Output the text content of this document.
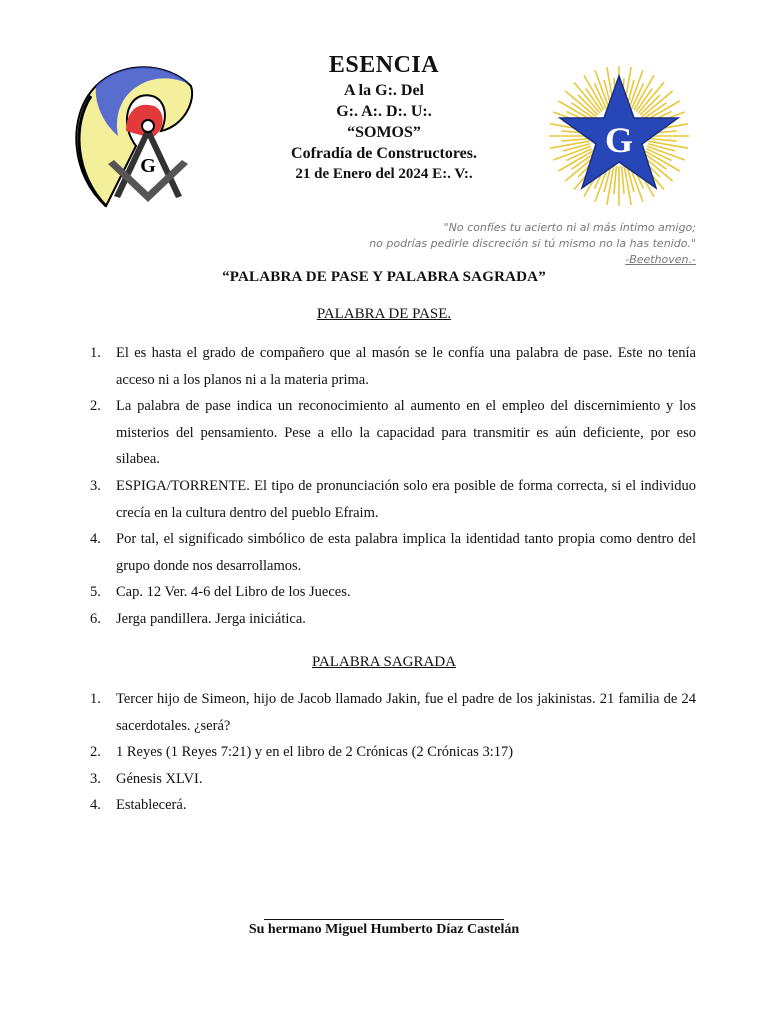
G
G
ESENCIA
A la G:. Del
G:. A:. D:. U:.
“SOMOS”
Cofradía de Constructores.
21 de Enero del 2024 E:. V:.
"No confíes tu acierto ni al más íntimo amigo;
no podrías pedirle discreción si tú mismo no la has tenido."
-Beethoven.-
“PALABRA DE PASE Y PALABRA SAGRADA”
PALABRA DE PASE.
1. El es hasta el grado de compañero que al masón se le confía una palabra de pase. Este no tenía acceso ni a los planos ni a la materia prima.
2. La palabra de pase indica un reconocimiento al aumento en el empleo del discernimiento y los misterios del pensamiento. Pese a ello la capacidad para transmitir es aún deficiente, por eso silabea.
3. ESPIGA/TORRENTE. El tipo de pronunciación solo era posible de forma correcta, si el individuo crecía en la cultura dentro del pueblo Efraim.
4. Por tal, el significado simbólico de esta palabra implica la identidad tanto propia como dentro del grupo donde nos desarrollamos.
5. Cap. 12 Ver. 4-6 del Libro de los Jueces.
6. Jerga pandillera. Jerga iniciática.
PALABRA SAGRADA
1. Tercer hijo de Simeon, hijo de Jacob llamado Jakin, fue el padre de los jakinistas. 21 familia de 24 sacerdotales. ¿será?
2. 1 Reyes (1 Reyes 7:21) y en el libro de 2 Crónicas (2 Crónicas 3:17)
3. Génesis XLVI.
4. Establecerá.
Su hermano Miguel Humberto Díaz Castelán
